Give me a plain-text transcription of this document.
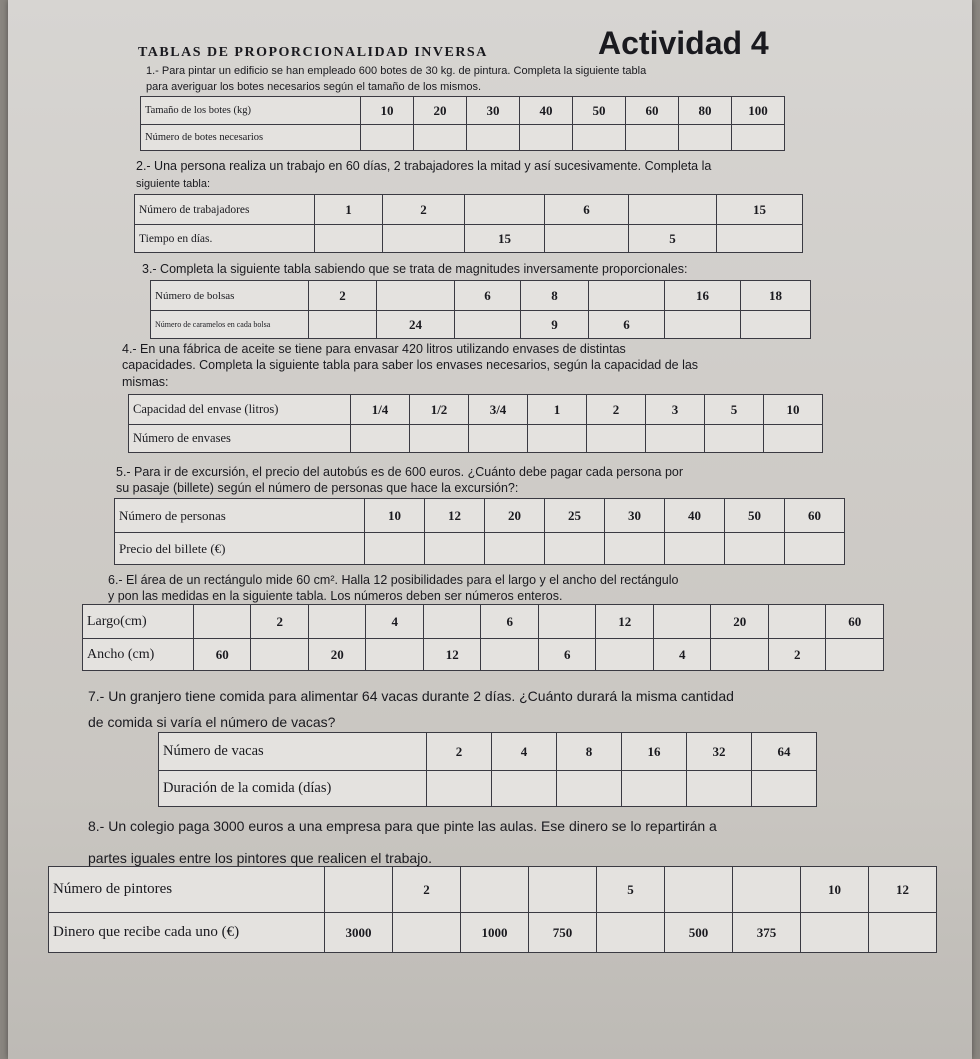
TABLAS DE PROPORCIONALIDAD INVERSA	Actividad 4
1.- Para pintar un edificio se han empleado 600 botes de 30 kg. de pintura. Completa la siguiente tabla
para averiguar los botes necesarios según el tamaño de los mismos.
Tamaño de los botes (kg)	10	20	30	40	50	60	80	100
Número de botes necesarios								
2.- Una persona realiza un trabajo en 60 días, 2 trabajadores la mitad y así sucesivamente. Completa la
siguiente tabla:
Número de trabajadores	1	2		6		15
Tiempo en días.			15		5	
3.- Completa la siguiente tabla sabiendo que se trata de magnitudes inversamente proporcionales:
Número de bolsas	2		6	8		16	18
Número de caramelos en cada bolsa		24		9	6		
4.- En una fábrica de aceite se tiene para envasar 420 litros utilizando envases de distintas
capacidades. Completa la siguiente tabla para saber los envases necesarios, según la capacidad de las
mismas:
Capacidad del envase (litros)	1/4	1/2	3/4	1	2	3	5	10
Número de envases								
5.- Para ir de excursión, el precio del autobús es de 600 euros. ¿Cuánto debe pagar cada persona por
su pasaje (billete) según el número de personas que hace la excursión?:
Número de personas	10	12	20	25	30	40	50	60
Precio del billete (€)								
6.- El área de un rectángulo mide 60 cm². Halla 12 posibilidades para el largo y el ancho del rectángulo
y pon las medidas en la siguiente tabla. Los números deben ser números enteros.
Largo(cm)		2		4		6		12		20		60
Ancho (cm)	60		20		12		6		4		2	
7.- Un granjero tiene comida para alimentar 64 vacas durante 2 días. ¿Cuánto durará la misma cantidad
de comida si varía el número de vacas?
Número de vacas	2	4	8	16	32	64
Duración de la comida (días)						
8.- Un colegio paga 3000 euros a una empresa para que pinte las aulas. Ese dinero se lo repartirán a
partes iguales entre los pintores que realicen el trabajo.
Número de pintores		2			5			10	12
Dinero que recibe cada uno (€)	3000		1000	750		500	375		
